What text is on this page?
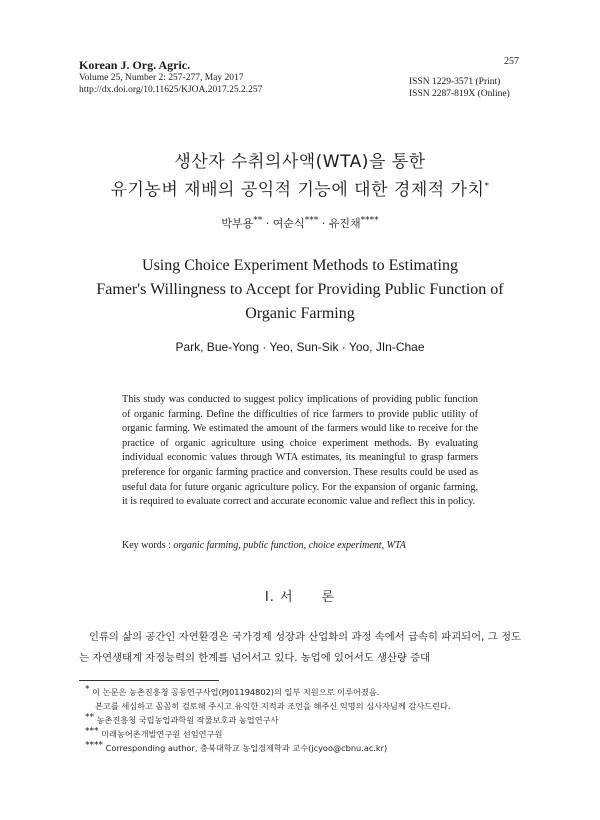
Korean J. Org. Agric.
Volume 25, Number 2: 257-277, May 2017
http://dx.doi.org/10.11625/KJOA.2017.25.2.257
257
ISSN 1229-3571 (Print)
ISSN 2287-819X (Online)
생산자 수취의사액(WTA)을 통한
유기농벼 재배의 공익적 기능에 대한 경제적 가치*
박부용** · 여순식*** · 유진채****
Using Choice Experiment Methods to Estimating
Famer's Willingness to Accept for Providing Public Function of
Organic Farming
Park, Bue-Yong · Yeo, Sun-Sik · Yoo, JIn-Chae
This study was conducted to suggest policy implications of providing public function of organic farming. Define the difficulties of rice farmers to provide public utility of organic farming. We estimated the amount of the farmers would like to receive for the practice of organic agriculture using choice experiment methods. By evaluating individual economic values through WTA estimates, its meaningful to grasp farmers preference for organic farming practice and conversion. These results could be used as useful data for future organic agriculture policy. For the expansion of organic farming, it is required to evaluate correct and accurate economic value and reflect this in policy.
Key words : organic farming, public function, choice experiment, WTA
Ⅰ. 서　　론
인류의 삶의 공간인 자연환경은 국가경제 성장과 산업화의 과정 속에서 급속히 파괴되어, 그 정도는 자연생태계 자정능력의 한계를 넘어서고 있다. 농업에 있어서도 생산량 증대
* 이 논문은 농촌진흥청 공동연구사업(PJ01194802)의 일부 지원으로 이루어졌음.
본고를 세심하고 꼼꼼히 검토해 주시고 유익한 지적과 조언을 해주신 익명의 심사자님께 감사드린다.
** 농촌진흥청 국립농업과학원 작물보호과 농업연구사
*** 미래농어촌개발연구원 선임연구원
**** Corresponding author, 충북대학교 농업경제학과 교수(jcyoo@cbnu.ac.kr)
